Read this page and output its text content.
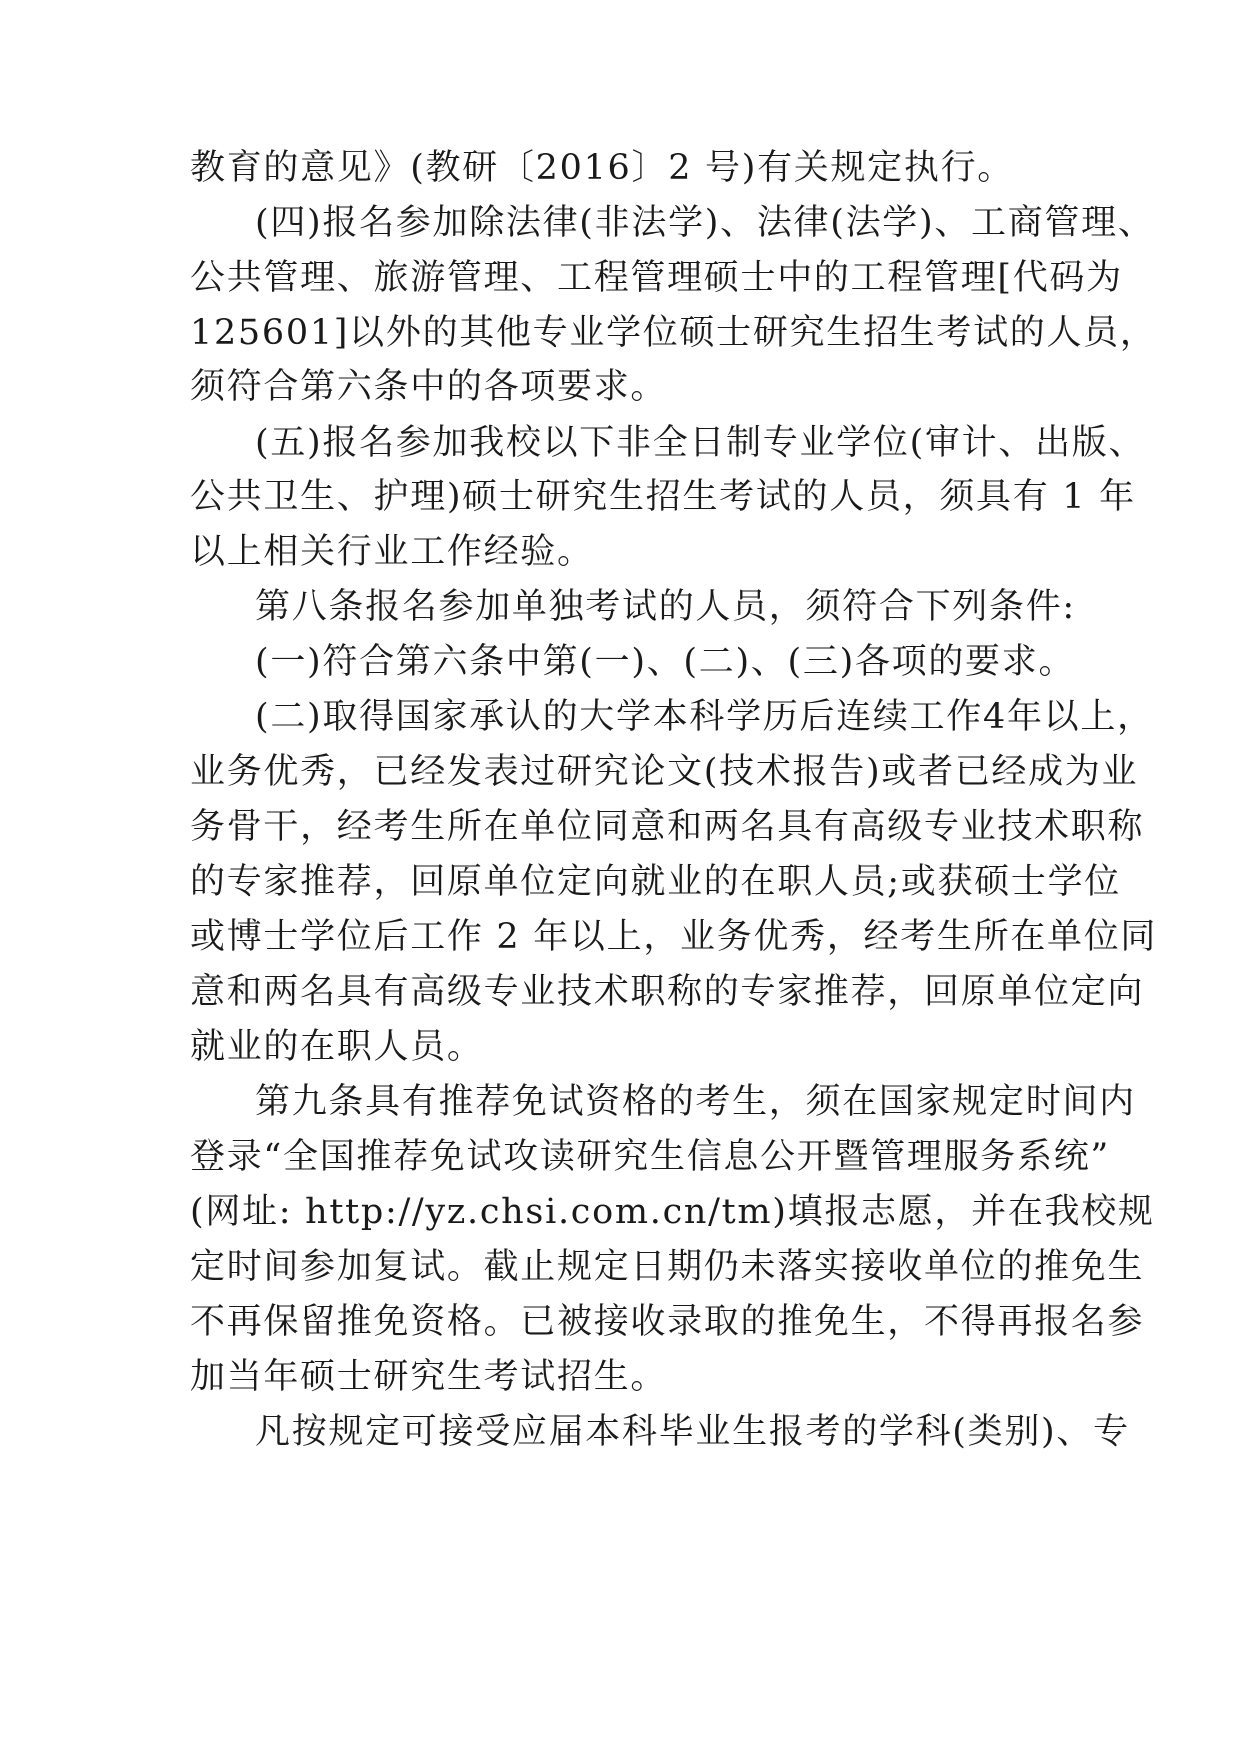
教育的意见》(教研〔2016〕2 号)有关规定执行。
(四)报名参加除法律(非法学)、法律(法学)、工商管理、
公共管理、旅游管理、工程管理硕士中的工程管理[代码为
125601]以外的其他专业学位硕士研究生招生考试的人员，
须符合第六条中的各项要求。
(五)报名参加我校以下非全日制专业学位(审计、出版、
公共卫生、护理)硕士研究生招生考试的人员，须具有 1 年
以上相关行业工作经验。
第八条报名参加单独考试的人员，须符合下列条件:
(一)符合第六条中第(一)、(二)、(三)各项的要求。
(二)取得国家承认的大学本科学历后连续工作4年以上，
业务优秀，已经发表过研究论文(技术报告)或者已经成为业
务骨干，经考生所在单位同意和两名具有高级专业技术职称
的专家推荐，回原单位定向就业的在职人员;或获硕士学位
或博士学位后工作 2 年以上，业务优秀，经考生所在单位同
意和两名具有高级专业技术职称的专家推荐，回原单位定向
就业的在职人员。
第九条具有推荐免试资格的考生，须在国家规定时间内
登录“全国推荐免试攻读研究生信息公开暨管理服务系统”
(网址: http://yz.chsi.com.cn/tm)填报志愿，并在我校规
定时间参加复试。截止规定日期仍未落实接收单位的推免生
不再保留推免资格。已被接收录取的推免生，不得再报名参
加当年硕士研究生考试招生。
凡按规定可接受应届本科毕业生报考的学科(类别)、专
